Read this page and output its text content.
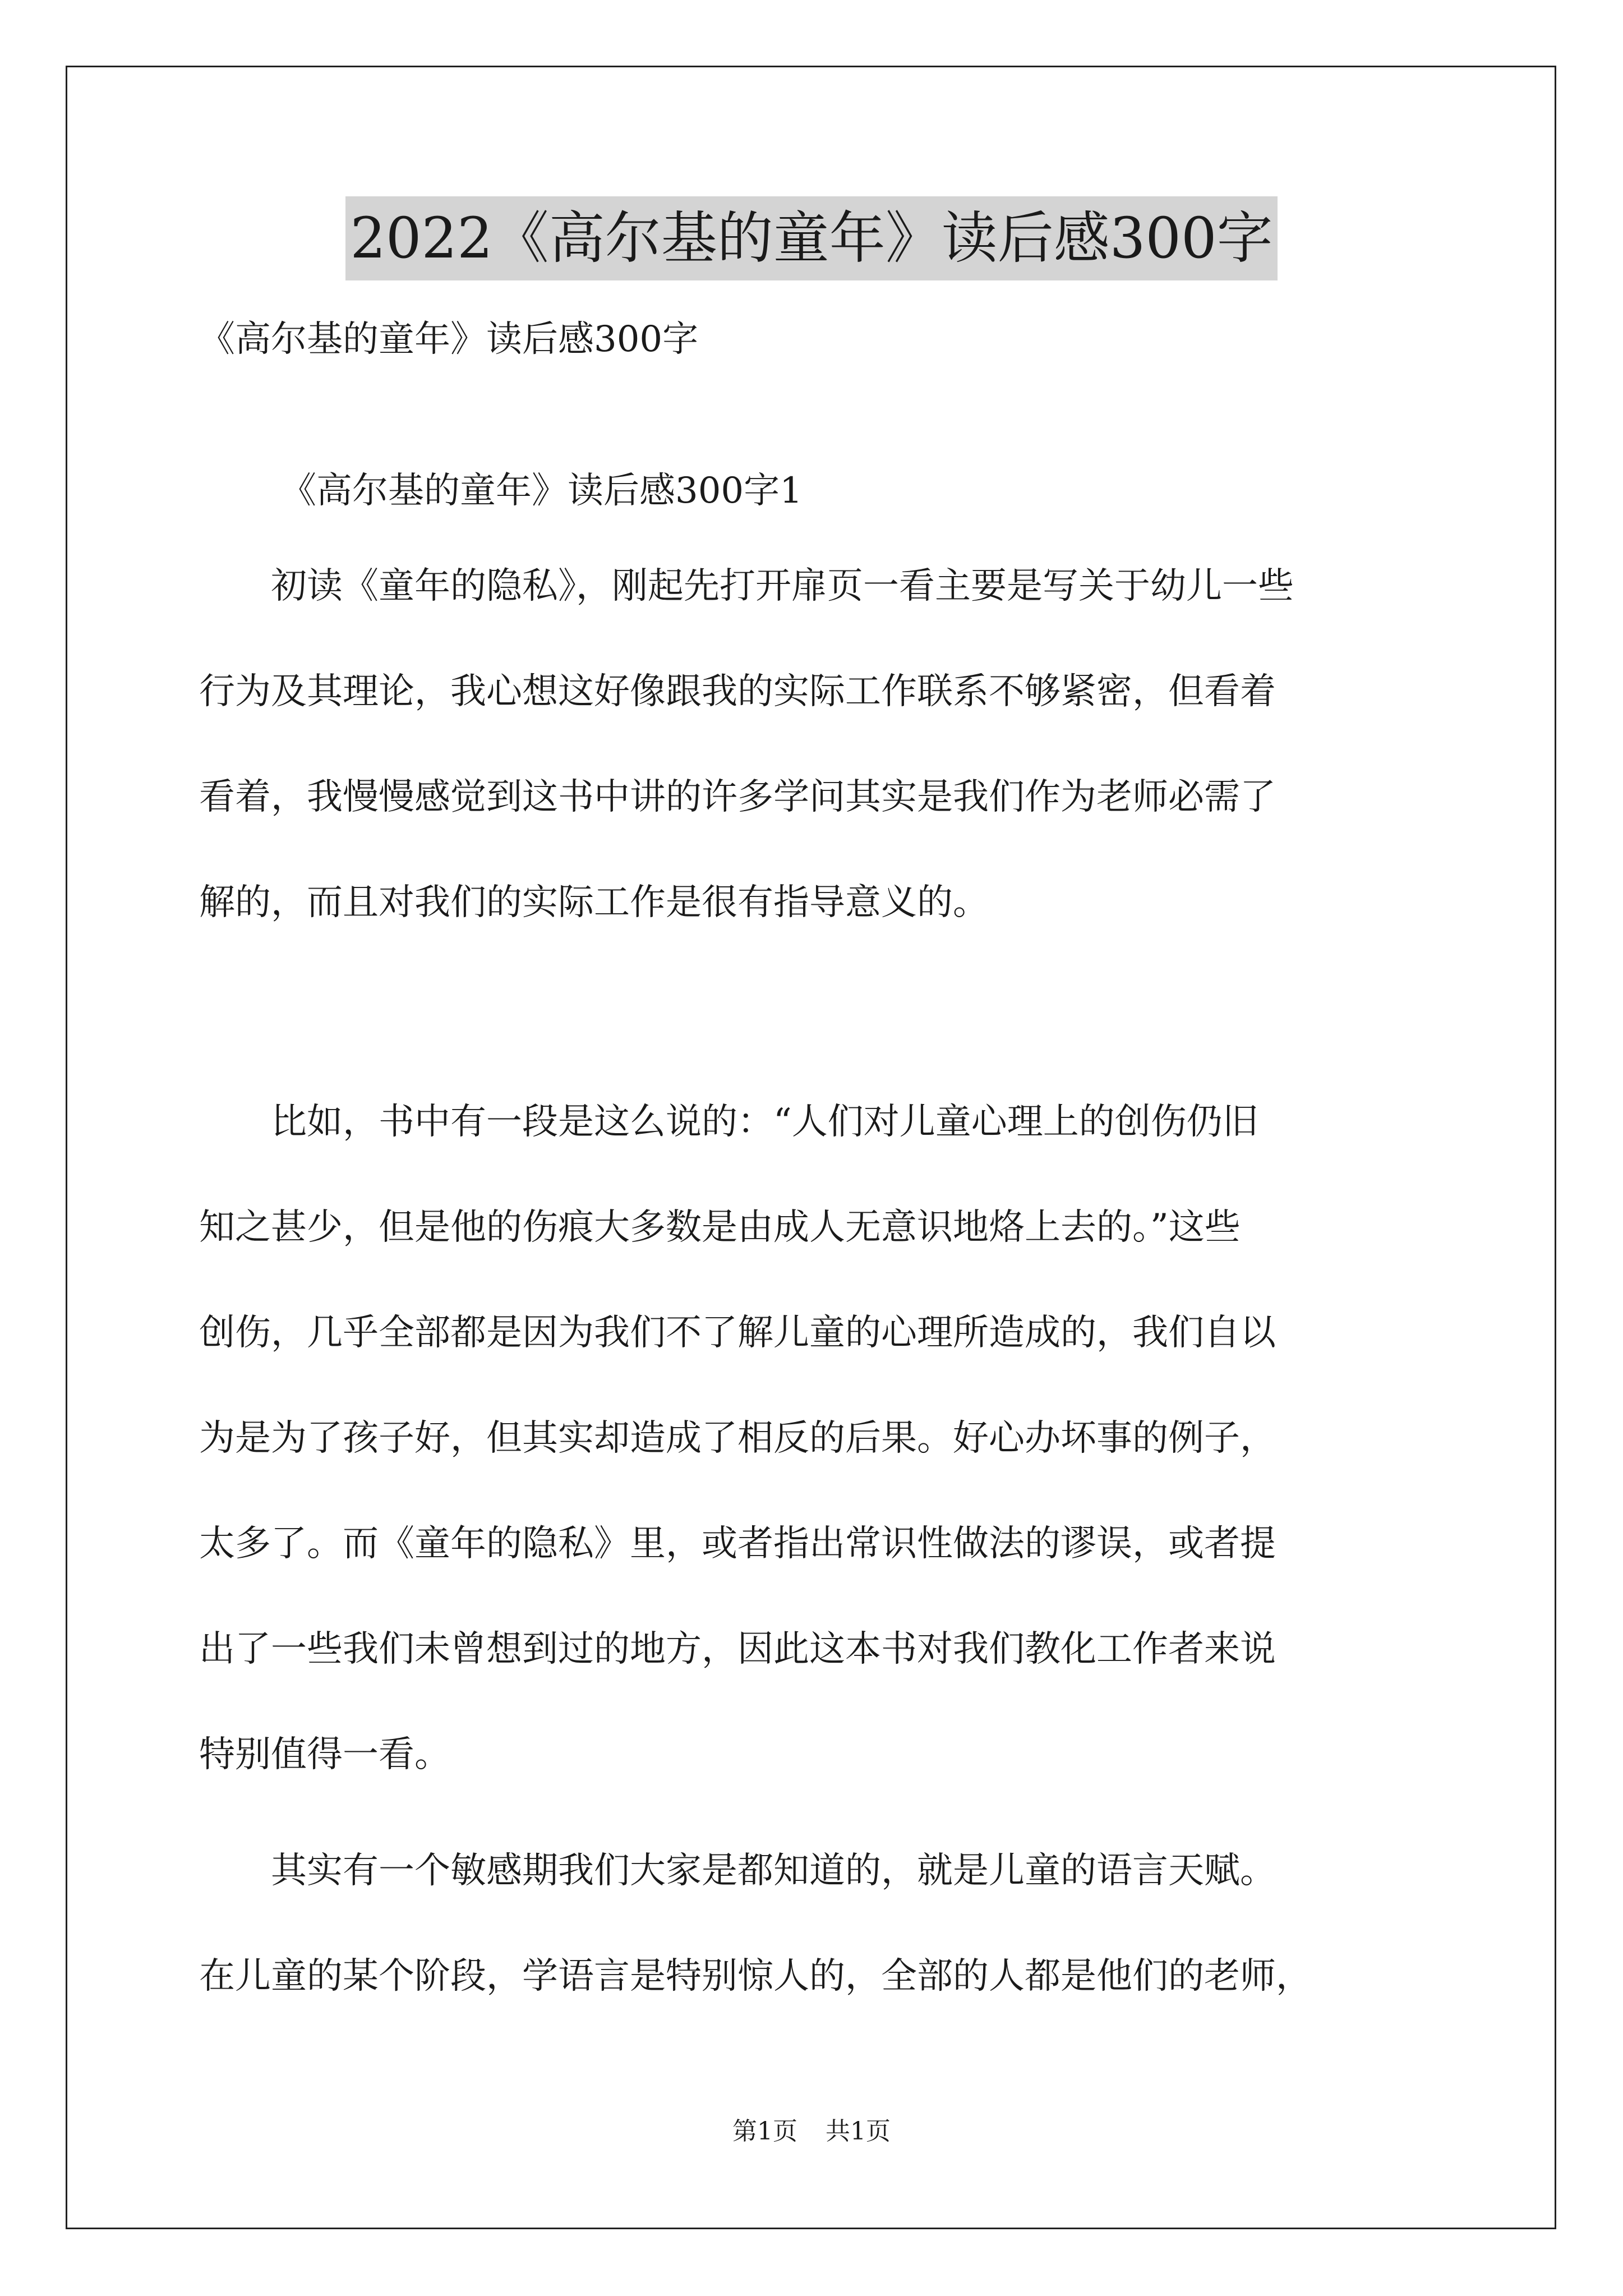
2022《高尔基的童年》读后感300字
《高尔基的童年》读后感300字
《高尔基的童年》读后感300字1
　　初读《童年的隐私》，刚起先打开扉页一看主要是写关于幼儿一些
行为及其理论，我心想这好像跟我的实际工作联系不够紧密，但看着
看着，我慢慢感觉到这书中讲的许多学问其实是我们作为老师必需了
解的，而且对我们的实际工作是很有指导意义的。
　　比如，书中有一段是这么说的：“人们对儿童心理上的创伤仍旧
知之甚少，但是他的伤痕大多数是由成人无意识地烙上去的。”这些
创伤，几乎全部都是因为我们不了解儿童的心理所造成的，我们自以
为是为了孩子好，但其实却造成了相反的后果。好心办坏事的例子，
太多了。而《童年的隐私》里，或者指出常识性做法的谬误，或者提
出了一些我们未曾想到过的地方，因此这本书对我们教化工作者来说
特别值得一看。
　　其实有一个敏感期我们大家是都知道的，就是儿童的语言天赋。
在儿童的某个阶段，学语言是特别惊人的，全部的人都是他们的老师，
第1页 共1页
